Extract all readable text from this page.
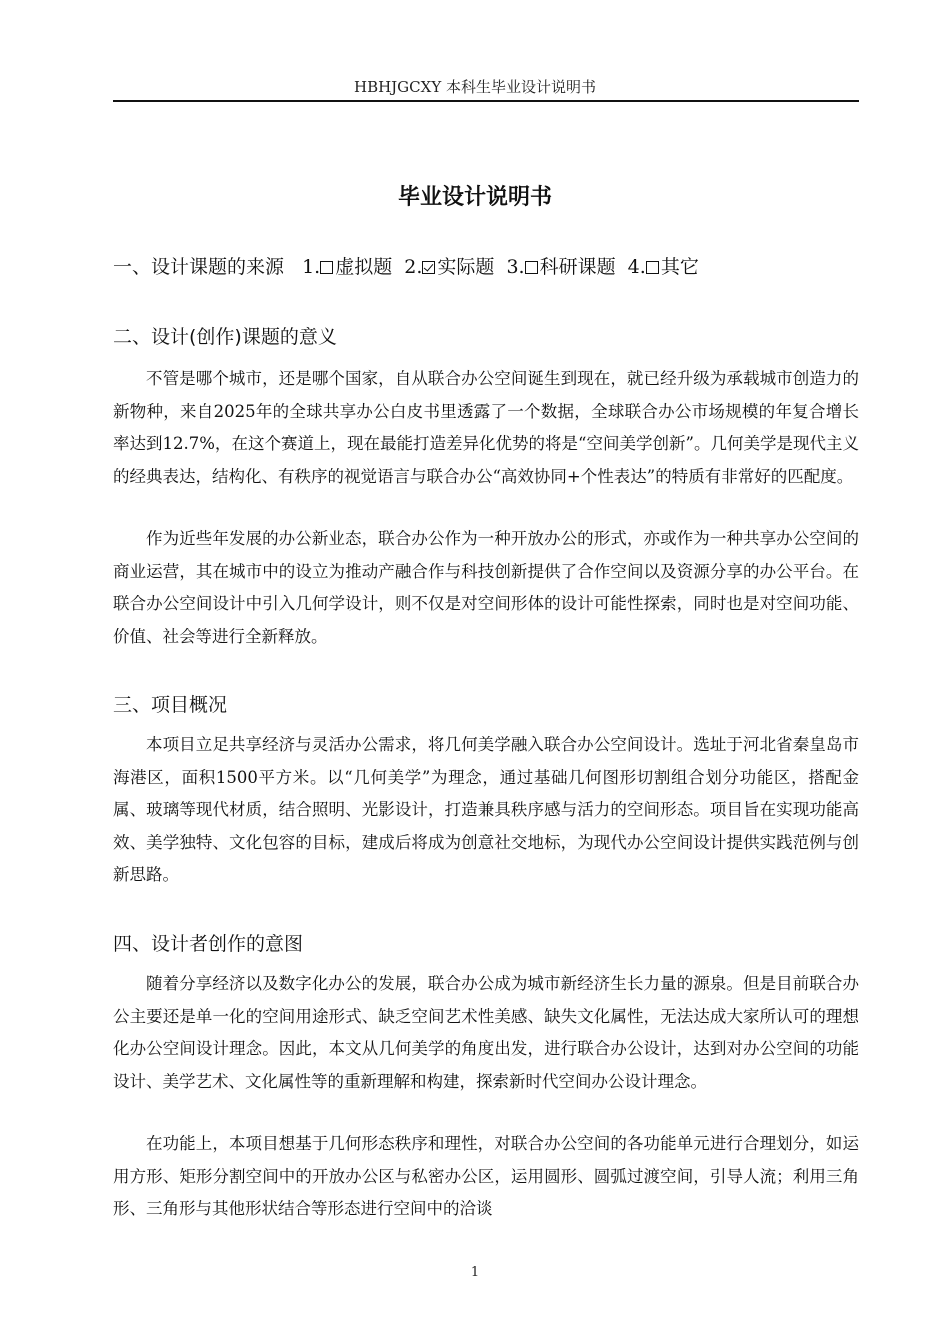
HBHJGCXY 本科生毕业设计说明书
毕业设计说明书
一、设计课题的来源 1. 虚拟题 2. 实际题 3. 科研课题 4. 其它
二、设计(创作)课题的意义

不管是哪个城市，还是哪个国家，自从联合办公空间诞生到现在，就已经升级为承载城市创造力的新物种，来自2025年的全球共享办公白皮书里透露了一个数据，全球联合办公市场规模的年复合增长率达到12.7%，在这个赛道上，现在最能打造差异化优势的将是“空间美学创新”。几何美学是现代主义的经典表达，结构化、有秩序的视觉语言与联合办公“高效协同+个性表达”的特质有非常好的匹配度。

作为近些年发展的办公新业态，联合办公作为一种开放办公的形式，亦或作为一种共享办公空间的商业运营，其在城市中的设立为推动产融合作与科技创新提供了合作空间以及资源分享的办公平台。在联合办公空间设计中引入几何学设计，则不仅是对空间形体的设计可能性探索，同时也是对空间功能、价值、社会等进行全新释放。

三、项目概况

本项目立足共享经济与灵活办公需求，将几何美学融入联合办公空间设计。选址于河北省秦皇岛市海港区，面积1500平方米。以“几何美学”为理念，通过基础几何图形切割组合划分功能区，搭配金属、玻璃等现代材质，结合照明、光影设计，打造兼具秩序感与活力的空间形态。项目旨在实现功能高效、美学独特、文化包容的目标，建成后将成为创意社交地标，为现代办公空间设计提供实践范例与创新思路。

四、设计者创作的意图

随着分享经济以及数字化办公的发展，联合办公成为城市新经济生长力量的源泉。但是目前联合办公主要还是单一化的空间用途形式、缺乏空间艺术性美感、缺失文化属性，无法达成大家所认可的理想化办公空间设计理念。因此，本文从几何美学的角度出发，进行联合办公设计，达到对办公空间的功能设计、美学艺术、文化属性等的重新理解和构建，探索新时代空间办公设计理念。

在功能上，本项目想基于几何形态秩序和理性，对联合办公空间的各功能单元进行合理划分，如运用方形、矩形分割空间中的开放办公区与私密办公区，运用圆形、圆弧过渡空间，引导人流；利用三角形、三角形与其他形状结合等形态进行空间中的洽谈

1
